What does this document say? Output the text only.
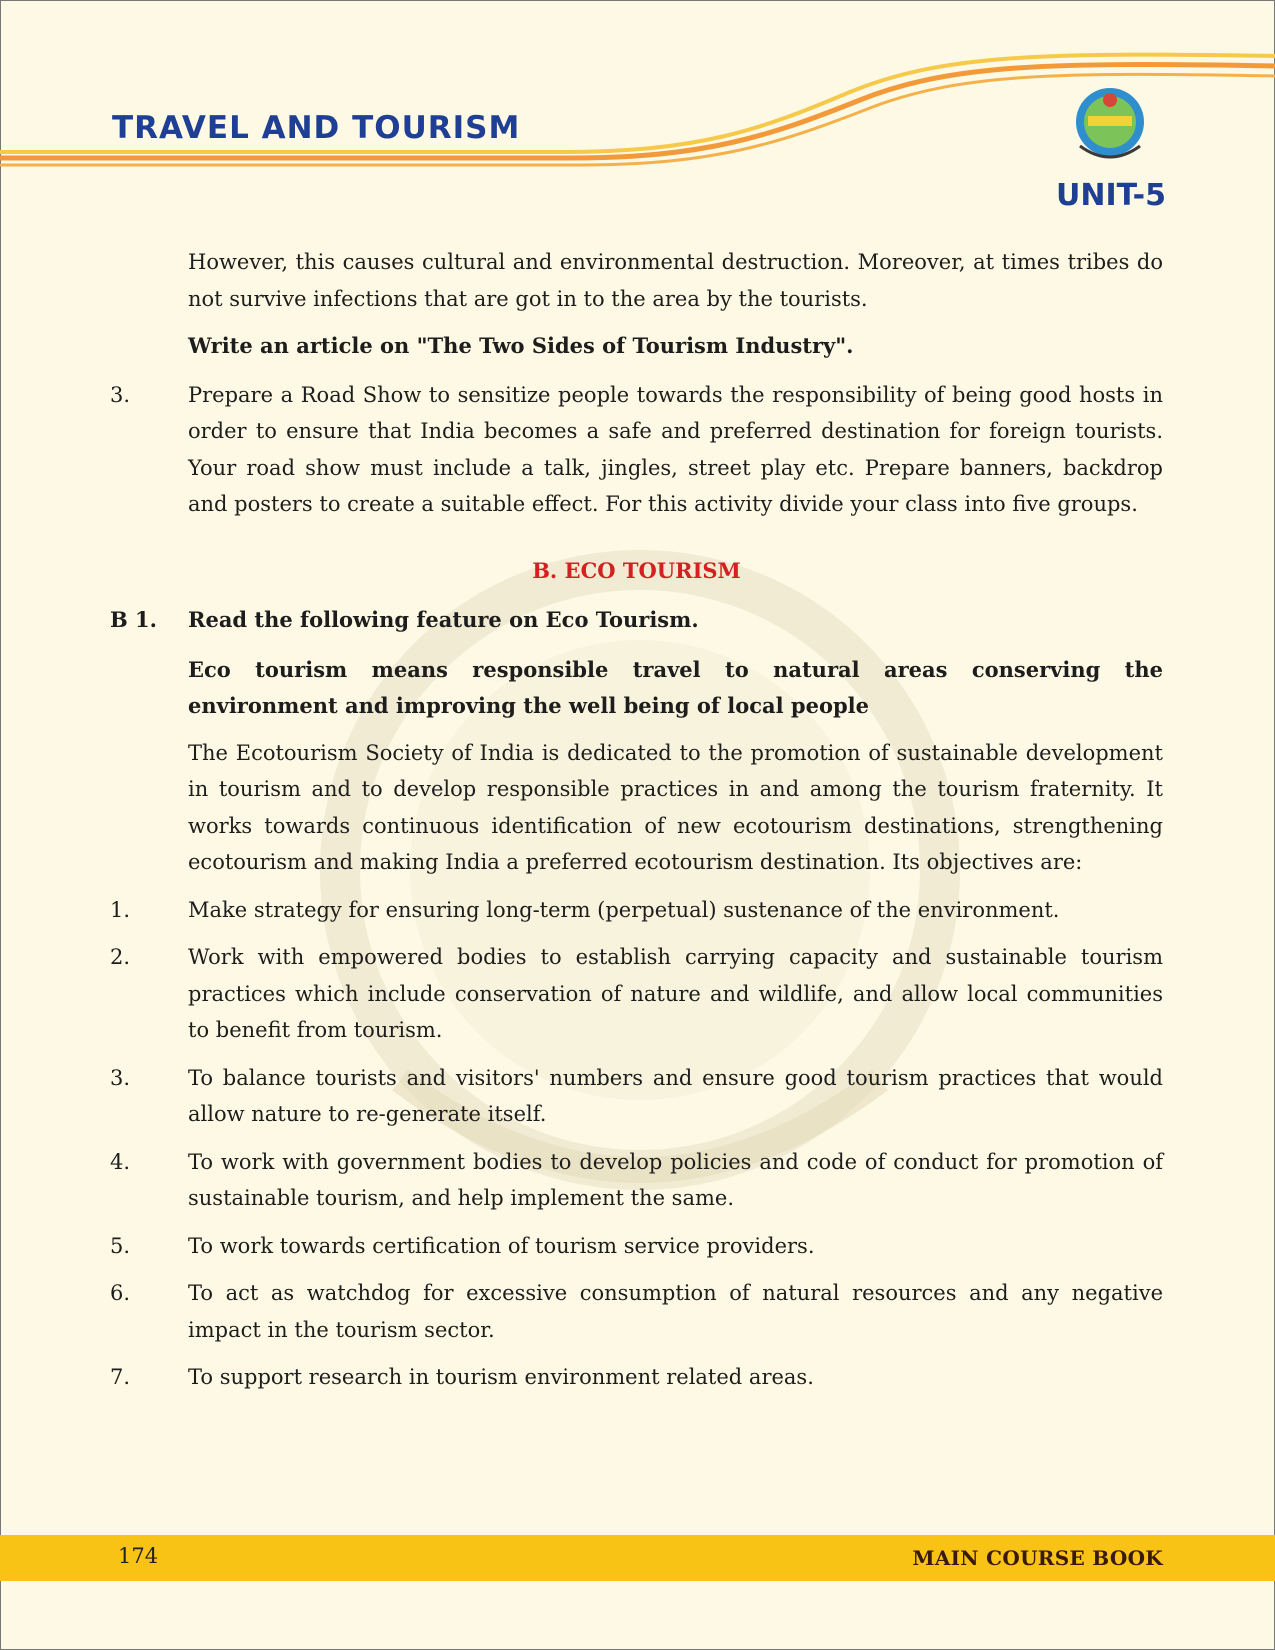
TRAVEL AND TOURISM
UNIT-5

However, this causes cultural and environmental destruction. Moreover, at times tribes do not survive infections that are got in to the area by the tourists.

Write an article on "The Two Sides of Tourism Industry".

3.	Prepare a Road Show to sensitize people towards the responsibility of being good hosts in order to ensure that India becomes a safe and preferred destination for foreign tourists. Your road show must include a talk, jingles, street play etc. Prepare banners, backdrop and posters to create a suitable effect. For this activity divide your class into five groups.

B. ECO TOURISM

B 1. Read the following feature on Eco Tourism.

Eco tourism means responsible travel to natural areas conserving the environment and improving the well being of local people

The Ecotourism Society of India is dedicated to the promotion of sustainable development in tourism and to develop responsible practices in and among the tourism fraternity. It works towards continuous identification of new ecotourism destinations, strengthening ecotourism and making India a preferred ecotourism destination. Its objectives are:

1.	Make strategy for ensuring long-term (perpetual) sustenance of the environment.

2.	Work with empowered bodies to establish carrying capacity and sustainable tourism practices which include conservation of nature and wildlife, and allow local communities to benefit from tourism.

3.	To balance tourists and visitors' numbers and ensure good tourism practices that would allow nature to re-generate itself.

4.	To work with government bodies to develop policies and code of conduct for promotion of sustainable tourism, and help implement the same.

5.	To work towards certification of tourism service providers.

6.	To act as watchdog for excessive consumption of natural resources and any negative impact in the tourism sector.

7.	To support research in tourism environment related areas.

174	MAIN COURSE BOOK
